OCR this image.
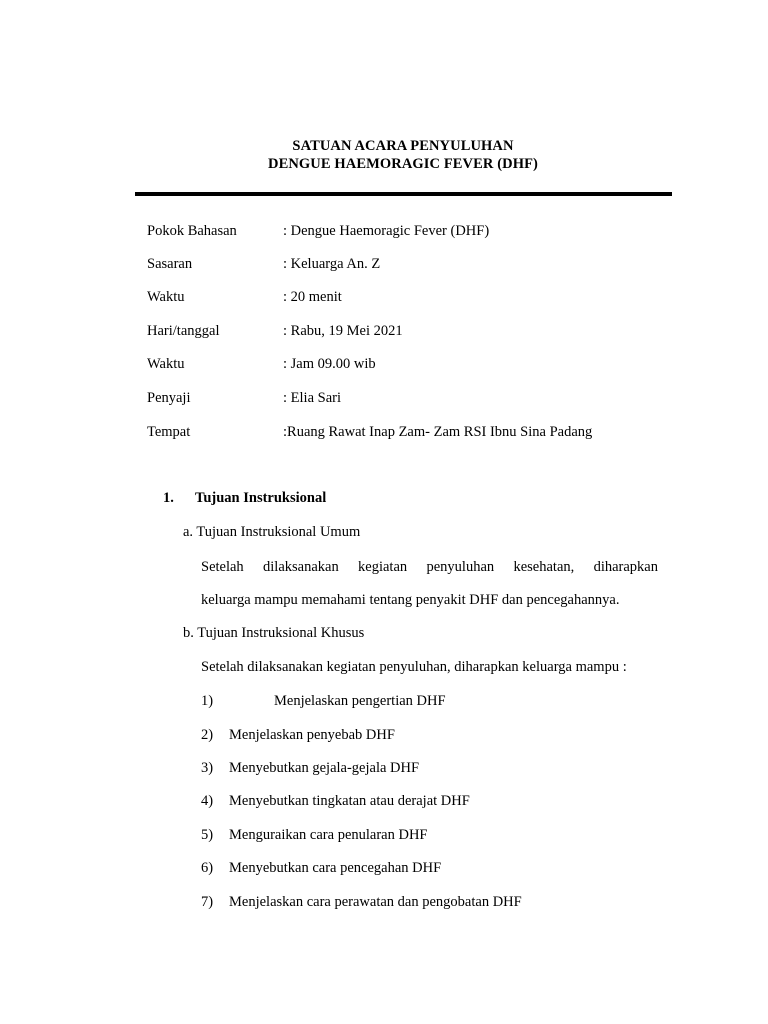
SATUAN ACARA PENYULUHAN
DENGUE HAEMORAGIC FEVER (DHF)
Pokok Bahasan	: Dengue Haemoragic Fever (DHF)
Sasaran	: Keluarga An. Z
Waktu	: 20 menit
Hari/tanggal	: Rabu, 19 Mei 2021
Waktu	: Jam 09.00 wib
Penyaji	: Elia Sari
Tempat	:Ruang Rawat Inap Zam- Zam RSI Ibnu Sina Padang
1. Tujuan Instruksional
a. Tujuan Instruksional Umum
Setelah dilaksanakan kegiatan penyuluhan kesehatan, diharapkan
keluarga mampu memahami tentang penyakit DHF dan pencegahannya.
b. Tujuan Instruksional Khusus
Setelah dilaksanakan kegiatan penyuluhan, diharapkan keluarga mampu :
1)	Menjelaskan pengertian DHF
2) Menjelaskan penyebab DHF
3) Menyebutkan gejala-gejala DHF
4) Menyebutkan tingkatan atau derajat DHF
5) Menguraikan cara penularan DHF
6) Menyebutkan cara pencegahan DHF
7) Menjelaskan cara perawatan dan pengobatan DHF
